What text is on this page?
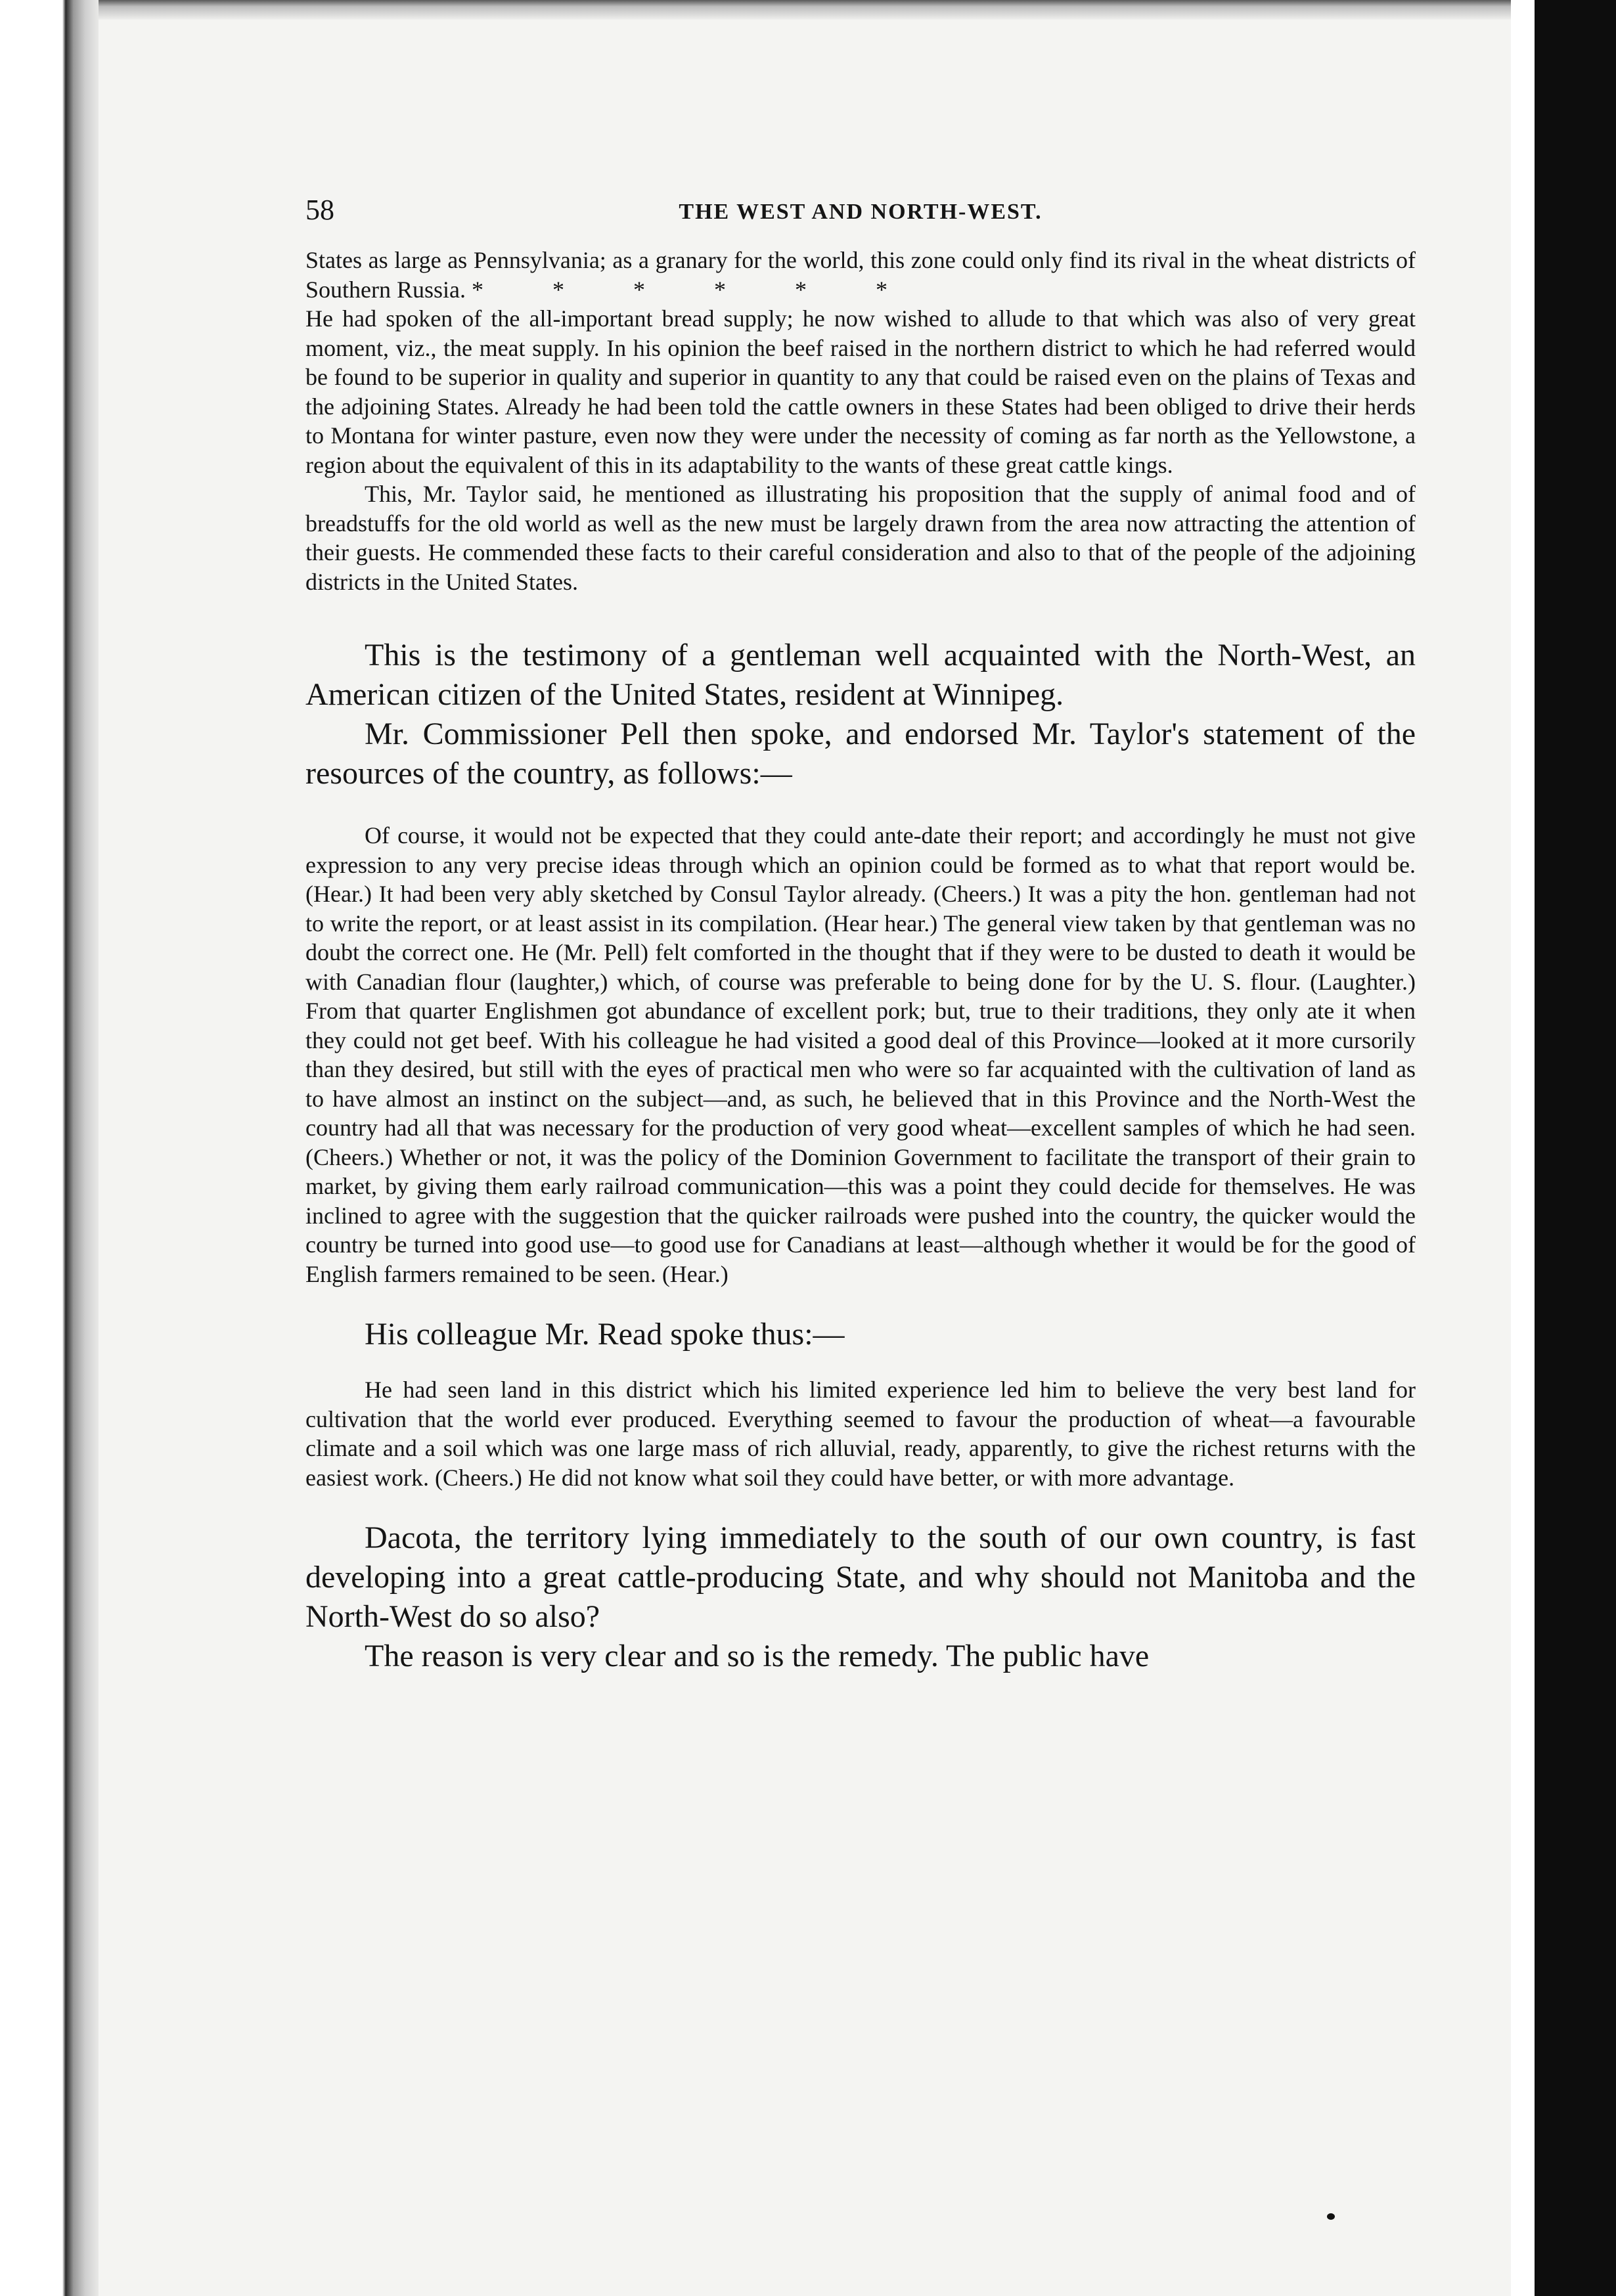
58	THE WEST AND NORTH-WEST.

States as large as Pennsylvania; as a granary for the world, this zone could only find its rival in the wheat districts of Southern Russia. * * * * * *

He had spoken of the all-important bread supply; he now wished to allude to that which was also of very great moment, viz., the meat supply. In his opinion the beef raised in the northern district to which he had referred would be found to be superior in quality and superior in quantity to any that could be raised even on the plains of Texas and the adjoining States. Already he had been told the cattle owners in these States had been obliged to drive their herds to Montana for winter pasture, even now they were under the necessity of coming as far north as the Yellowstone, a region about the equivalent of this in its adaptability to the wants of these great cattle kings.

This, Mr. Taylor said, he mentioned as illustrating his proposition that the supply of animal food and of breadstuffs for the old world as well as the new must be largely drawn from the area now attracting the attention of their guests. He commended these facts to their careful consideration and also to that of the people of the adjoining districts in the United States.

This is the testimony of a gentleman well acquainted with the North-West, an American citizen of the United States, resident at Winnipeg.

Mr. Commissioner Pell then spoke, and endorsed Mr. Taylor's statement of the resources of the country, as follows:—

Of course, it would not be expected that they could ante-date their report; and accordingly he must not give expression to any very precise ideas through which an opinion could be formed as to what that report would be. (Hear.) It had been very ably sketched by Consul Taylor already. (Cheers.) It was a pity the hon. gentleman had not to write the report, or at least assist in its compilation. (Hear hear.) The general view taken by that gentleman was no doubt the correct one. He (Mr. Pell) felt comforted in the thought that if they were to be dusted to death it would be with Canadian flour (laughter,) which, of course was preferable to being done for by the U. S. flour. (Laughter.) From that quarter Englishmen got abundance of excellent pork; but, true to their traditions, they only ate it when they could not get beef. With his colleague he had visited a good deal of this Province—looked at it more cursorily than they desired, but still with the eyes of practical men who were so far acquainted with the cultivation of land as to have almost an instinct on the subject—and, as such, he believed that in this Province and the North-West the country had all that was necessary for the production of very good wheat—excellent samples of which he had seen. (Cheers.) Whether or not, it was the policy of the Dominion Government to facilitate the transport of their grain to market, by giving them early railroad communication—this was a point they could decide for themselves. He was inclined to agree with the suggestion that the quicker railroads were pushed into the country, the quicker would the country be turned into good use—to good use for Canadians at least—although whether it would be for the good of English farmers remained to be seen. (Hear.)

His colleague Mr. Read spoke thus:—

He had seen land in this district which his limited experience led him to believe the very best land for cultivation that the world ever produced. Everything seemed to favour the production of wheat—a favourable climate and a soil which was one large mass of rich alluvial, ready, apparently, to give the richest returns with the easiest work. (Cheers.) He did not know what soil they could have better, or with more advantage.

Dacota, the territory lying immediately to the south of our own country, is fast developing into a great cattle-producing State, and why should not Manitoba and the North-West do so also?

The reason is very clear and so is the remedy. The public have
